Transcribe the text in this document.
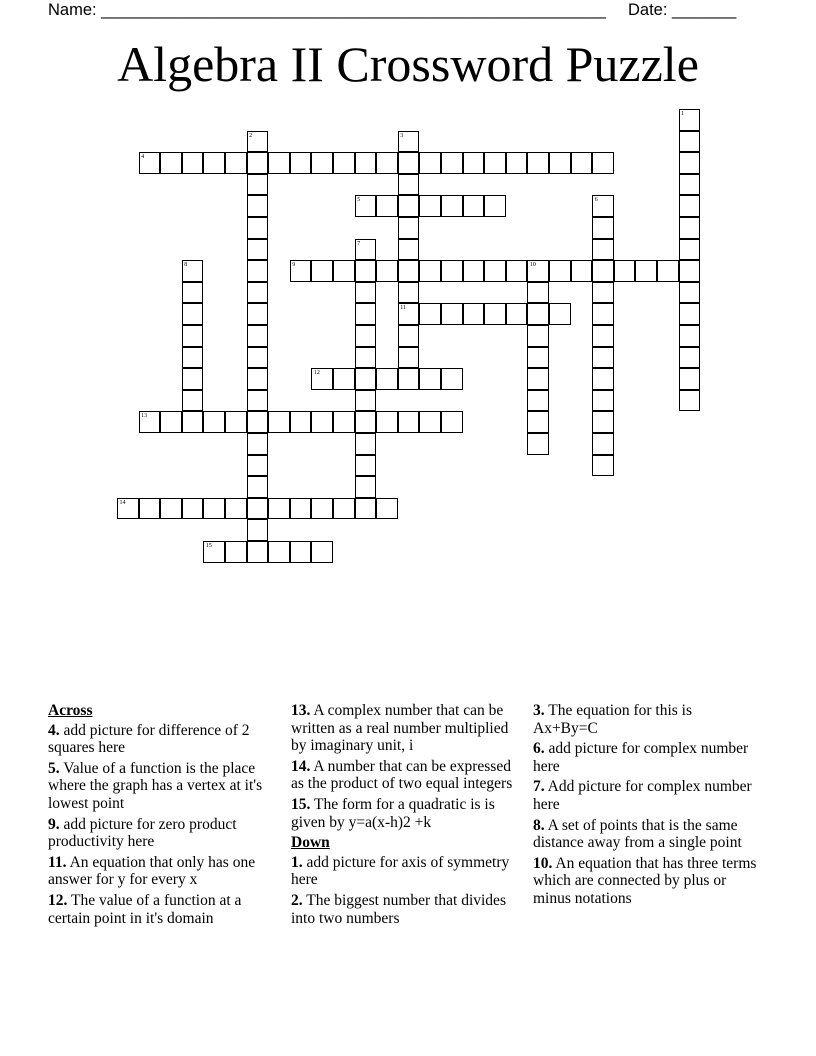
Name: _______________________________________________________ Date: _______
Algebra II Crossword Puzzle
1
2	3
11
4
5	6
7
8	9	10
12
13
14
15
Across
4. add picture for difference of 2 squares here
5. Value of a function is the place where the graph has a vertex at it's lowest point
9. add picture for zero product productivity here
11. An equation that only has one answer for y for every x
12. The value of a function at a certain point in it's domain
13. A complex number that can be written as a real number multiplied by imaginary unit, i
14. A number that can be expressed as the product of two equal integers
15. The form for a quadratic is is given by y=a(x-h)2 +k
Down
1. add picture for axis of symmetry here
2. The biggest number that divides into two numbers
3. The equation for this is Ax+By=C
6. add picture for complex number here
7. Add picture for complex number here
8. A set of points that is the same distance away from a single point
10. An equation that has three terms which are connected by plus or minus notations
